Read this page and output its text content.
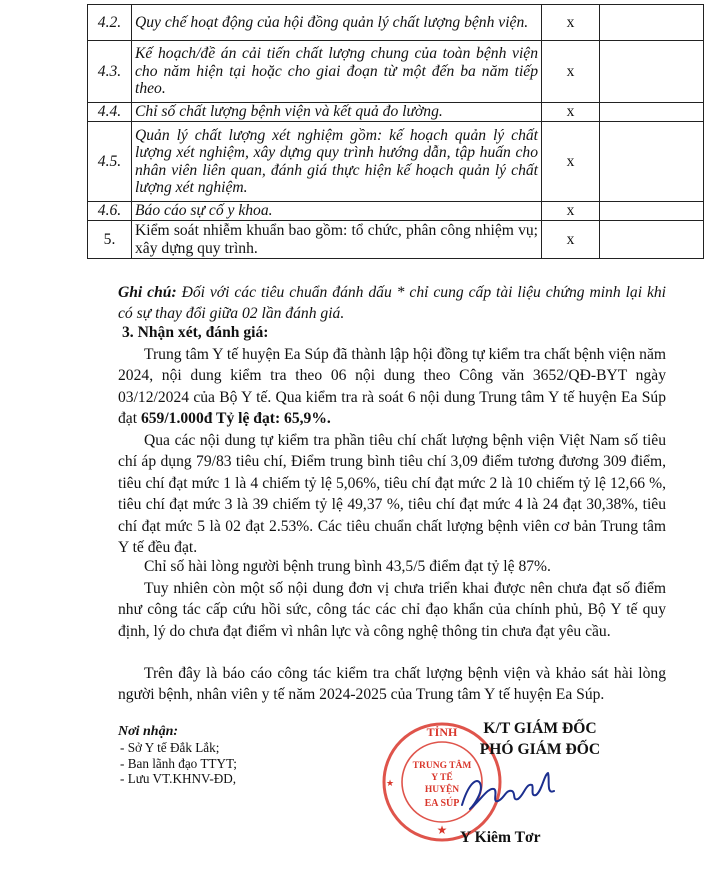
4.2.	Quy chế hoạt động của hội đồng quản lý chất lượng bệnh viện.	x	
4.3.	Kế hoạch/đề án cải tiến chất lượng chung của toàn bệnh viện cho năm hiện tại hoặc cho giai đoạn từ một đến ba năm tiếp theo.	x	
4.4.	Chỉ số chất lượng bệnh viện và kết quả đo lường.	x	
4.5.	Quản lý chất lượng xét nghiệm gồm: kế hoạch quản lý chất lượng xét nghiệm, xây dựng quy trình hướng dẫn, tập huấn cho nhân viên liên quan, đánh giá thực hiện kế hoạch quản lý chất lượng xét nghiệm.	x	
4.6.	Báo cáo sự cố y khoa.	x	
5.	Kiểm soát nhiễm khuẩn bao gồm: tổ chức, phân công nhiệm vụ; xây dựng quy trình.	x	
Ghi chú: Đối với các tiêu chuẩn đánh dấu * chỉ cung cấp tài liệu chứng minh lại khi có sự thay đổi giữa 02 lần đánh giá.
3. Nhận xét, đánh giá:

Trung tâm Y tế huyện Ea Súp đã thành lập hội đồng tự kiểm tra chất bệnh viện năm 2024, nội dung kiểm tra theo 06 nội dung theo Công văn 3652/QĐ-BYT ngày 03/12/2024 của Bộ Y tế. Qua kiểm tra rà soát 6 nội dung Trung tâm Y tế huyện Ea Súp đạt 659/1.000đ Tỷ lệ đạt: 65,9%.

Qua các nội dung tự kiểm tra phần tiêu chí chất lượng bệnh viện Việt Nam số tiêu chí áp dụng 79/83 tiêu chí, Điểm trung bình tiêu chí 3,09 điểm tương đương 309 điểm, tiêu chí đạt mức 1 là 4 chiếm tỷ lệ 5,06%, tiêu chí đạt mức 2 là 10 chiếm tỷ lệ 12,66 %, tiêu chí đạt mức 3 là 39 chiếm tỷ lệ 49,37 %, tiêu chí đạt mức 4 là 24 đạt 30,38%, tiêu chí đạt mức 5 là 02 đạt 2.53%. Các tiêu chuẩn chất lượng bệnh viên cơ bản Trung tâm Y tế đều đạt.

Chỉ số hài lòng người bệnh trung bình 43,5/5 điểm đạt tỷ lệ 87%.

Tuy nhiên còn một số nội dung đơn vị chưa triển khai được nên chưa đạt số điểm như công tác cấp cứu hồi sức, công tác các chỉ đạo khẩn của chính phủ, Bộ Y tế quy định, lý do chưa đạt điểm vì nhân lực và công nghệ thông tin chưa đạt yêu cầu.

Trên đây là báo cáo công tác kiểm tra chất lượng bệnh viện và khảo sát hài lòng người bệnh, nhân viên y tế năm 2024-2025 của Trung tâm Y tế huyện Ea Súp.

Nơi nhận:
- Sở Y tế Đắk Lắk;
- Ban lãnh đạo TTYT;
- Lưu VT.KHNV-ĐD,
TỈNH
TRUNG TÂM
Y TẾ
HUYỆN
EA SÚP
★
★
K/T GIÁM ĐỐC
PHÓ GIÁM ĐỐC
Y Kiêm Tơr
